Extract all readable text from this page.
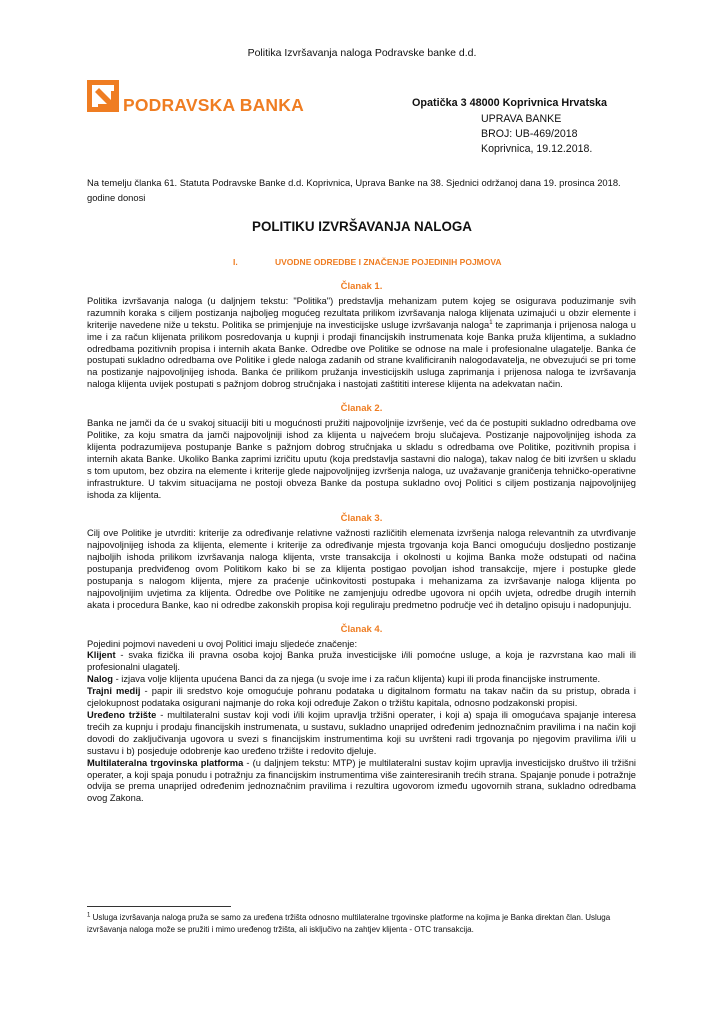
Politika Izvršavanja naloga Podravske banke d.d.
PODRAVSKA BANKA	Opatička 3 48000 Koprivnica Hrvatska
UPRAVA BANKE
BROJ: UB-469/2018
Koprivnica, 19.12.2018.
Na temelju članka 61. Statuta Podravske Banke d.d. Koprivnica, Uprava Banke na 38. Sjednici održanoj dana 19. prosinca 2018. godine donosi
POLITIKU IZVRŠAVANJA NALOGA
I.	UVODNE ODREDBE I ZNAČENJE POJEDINIH POJMOVA

Članak 1.

Politika izvršavanja naloga (u daljnjem tekstu: "Politika") predstavlja mehanizam putem kojeg se osigurava poduzimanje svih razumnih koraka s ciljem postizanja najboljeg mogućeg rezultata prilikom izvršavanja naloga klijenata uzimajući u obzir elemente i kriterije navedene niže u tekstu. Politika se primjenjuje na investicijske usluge izvršavanja naloga$^1$ te zaprimanja i prijenosa naloga u ime i za račun klijenata prilikom posredovanja u kupnji i prodaji financijskih instrumenata koje Banka pruža klijentima, a sukladno odredbama pozitivnih propisa i internih akata Banke. Odredbe ove Politike se odnose na male i profesionalne ulagatelje. Banka će postupati sukladno odredbama ove Politike i glede naloga zadanih od strane kvalificiranih nalogodavatelja, ne obvezujući se pri tome na postizanje najpovoljnijeg ishoda. Banka će prilikom pružanja investicijskih usluga zaprimanja i prijenosa naloga te izvršavanja naloga klijenta uvijek postupati s pažnjom dobrog stručnjaka i nastojati zaštititi interese klijenta na adekvatan način.

Članak 2.

Banka ne jamči da će u svakoj situaciji biti u mogućnosti pružiti najpovoljnije izvršenje, već da će postupiti sukladno odredbama ove Politike, za koju smatra da jamči najpovoljniji ishod za klijenta u najvećem broju slučajeva. Postizanje najpovoljnijeg ishoda za klijenta podrazumijeva postupanje Banke s pažnjom dobrog stručnjaka u skladu s odredbama ove Politike, pozitivnih propisa i internih akata Banke. Ukoliko Banka zaprimi izričitu uputu (koja predstavlja sastavni dio naloga), takav nalog će biti izvršen u skladu s tom uputom, bez obzira na elemente i kriterije glede najpovoljnijeg izvršenja naloga, uz uvažavanje graničenja tehničko-operativne infrastrukture. U takvim situacijama ne postoji obveza Banke da postupa sukladno ovoj Politici s ciljem postizanja najpovoljnijeg ishoda za klijenta.

Članak 3.

Cilj ove Politike je utvrditi: kriterije za određivanje relativne važnosti različitih elemenata izvršenja naloga relevantnih za utvrđivanje najpovoljnijeg ishoda za klijenta, elemente i kriterije za određivanje mjesta trgovanja koja Banci omogućuju dosljedno postizanje najboljih ishoda prilikom izvršavanja naloga klijenta, vrste transakcija i okolnosti u kojima Banka može odstupati od načina postupanja predviđenog ovom Politikom kako bi se za klijenta postigao povoljan ishod transakcije, mjere i postupke glede postupanja s nalogom klijenta, mjere za praćenje učinkovitosti postupaka i mehanizama za izvršavanje naloga klijenta po najpovoljnijim uvjetima za klijenta. Odredbe ove Politike ne zamjenjuju odredbe ugovora ni općih uvjeta, odredbe drugih internih akata i procedura Banke, kao ni odredbe zakonskih propisa koji reguliraju predmetno područje već ih detaljno opisuju i nadopunjuju.

Članak 4.

Pojedini pojmovi navedeni u ovoj Politici imaju sljedeće značenje:

Klijent - svaka fizička ili pravna osoba kojoj Banka pruža investicijske i/ili pomoćne usluge, a koja je razvrstana kao mali ili profesionalni ulagatelj.

Nalog - izjava volje klijenta upućena Banci da za njega (u svoje ime i za račun klijenta) kupi ili proda financijske instrumente.

Trajni medij - papir ili sredstvo koje omogućuje pohranu podataka u digitalnom formatu na takav način da su pristup, obrada i cjelokupnost podataka osigurani najmanje do roka koji određuje Zakon o tržištu kapitala, odnosno podzakonski propisi.

Uređeno tržište - multilateralni sustav koji vodi i/ili kojim upravlja tržišni operater, i koji a) spaja ili omogućava spajanje interesa trećih za kupnju i prodaju financijskih instrumenata, u sustavu, sukladno unaprijed određenim jednoznačnim pravilima i na način koji dovodi do zaključivanja ugovora u svezi s financijskim instrumentima koji su uvršteni radi trgovanja po njegovim pravilima i/ili u sustavu i b) posjeduje odobrenje kao uređeno tržište i redovito djeluje.

Multilateralna trgovinska platforma - (u daljnjem tekstu: MTP) je multilateralni sustav kojim upravlja investicijsko društvo ili tržišni operater, a koji spaja ponudu i potražnju za financijskim instrumentima više zainteresiranih trećih strana. Spajanje ponude i potražnje odvija se prema unaprijed određenim jednoznačnim pravilima i rezultira ugovorom između ugovornih strana, sukladno odredbama ovog Zakona.

$^1$ Usluga izvršavanja naloga pruža se samo za uređena tržišta odnosno multilateralne trgovinske platforme na kojima je Banka direktan član. Usluga izvršavanja naloga može se pružiti i mimo uređenog tržišta, ali isključivo na zahtjev klijenta - OTC transakcija.
